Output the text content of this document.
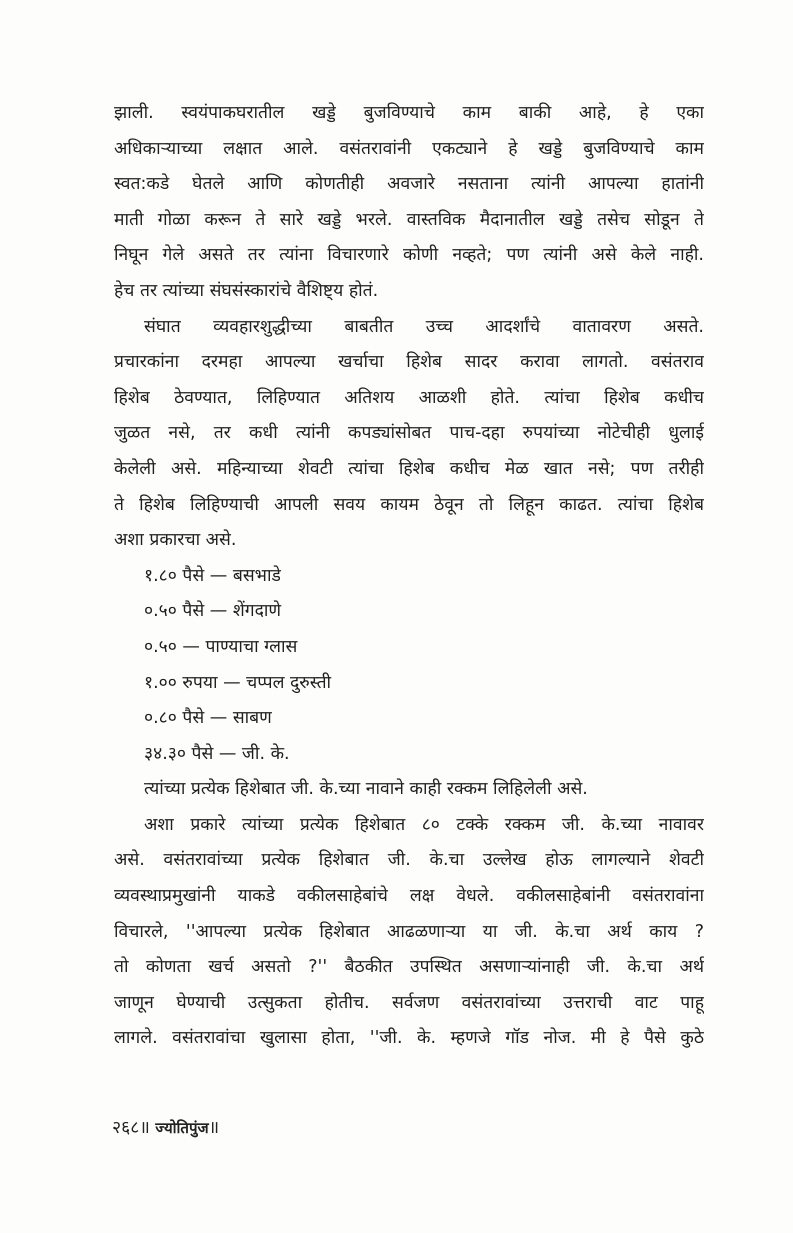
झाली. स्वयंपाकघरातील खड्डे बुजविण्याचे काम बाकी आहे, हे एका
अधिकाऱ्याच्या लक्षात आले. वसंतरावांनी एकट्याने हे खड्डे बुजविण्याचे काम
स्वत:कडे घेतले आणि कोणतीही अवजारे नसताना त्यांनी आपल्या हातांनी
माती गोळा करून ते सारे खड्डे भरले. वास्तविक मैदानातील खड्डे तसेच सोडून ते
निघून गेले असते तर त्यांना विचारणारे कोणी नव्हते; पण त्यांनी असे केले नाही.
हेच तर त्यांच्या संघसंस्कारांचे वैशिष्ट्य होतं.
संघात व्यवहारशुद्धीच्या बाबतीत उच्च आदर्शांचे वातावरण असते.
प्रचारकांना दरमहा आपल्या खर्चाचा हिशेब सादर करावा लागतो. वसंतराव
हिशेब ठेवण्यात, लिहिण्यात अतिशय आळशी होते. त्यांचा हिशेब कधीच
जुळत नसे, तर कधी त्यांनी कपड्यांसोबत पाच-दहा रुपयांच्या नोटेचीही धुलाई
केलेली असे. महिन्याच्या शेवटी त्यांचा हिशेब कधीच मेळ खात नसे; पण तरीही
ते हिशेब लिहिण्याची आपली सवय कायम ठेवून तो लिहून काढत. त्यांचा हिशेब
अशा प्रकारचा असे.
१.८० पैसे — बसभाडे
०.५० पैसे — शेंगदाणे
०.५० — पाण्याचा ग्लास
१.०० रुपया — चप्पल दुरुस्ती
०.८० पैसे — साबण
३४.३० पैसे — जी. के.
त्यांच्या प्रत्येक हिशेबात जी. के.च्या नावाने काही रक्कम लिहिलेली असे.
अशा प्रकारे त्यांच्या प्रत्येक हिशेबात ८० टक्के रक्कम जी. के.च्या नावावर
असे. वसंतरावांच्या प्रत्येक हिशेबात जी. के.चा उल्लेख होऊ लागल्याने शेवटी
व्यवस्थाप्रमुखांनी याकडे वकीलसाहेबांचे लक्ष वेधले. वकीलसाहेबांनी वसंतरावांना
विचारले, ''आपल्या प्रत्येक हिशेबात आढळणाऱ्या या जी. के.चा अर्थ काय ?
तो कोणता खर्च असतो ?'' बैठकीत उपस्थित असणाऱ्यांनाही जी. के.चा अर्थ
जाणून घेण्याची उत्सुकता होतीच. सर्वजण वसंतरावांच्या उत्तराची वाट पाहू
लागले. वसंतरावांचा खुलासा होता, ''जी. के. म्हणजे गॉड नोज. मी हे पैसे कुठे
२६८॥ ज्योतिपुंज॥
